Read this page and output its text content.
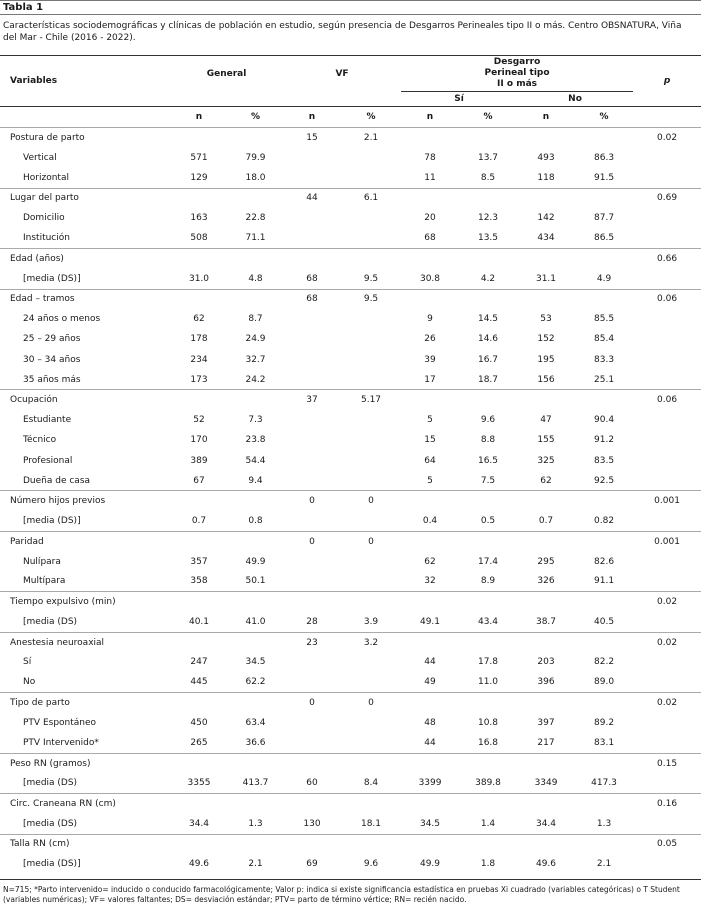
Tabla 1
Características sociodemográficas y clínicas de población en estudio, según presencia de Desgarros Perineales tipo II o más. Centro OBSNATURA, Viña del Mar - Chile (2016 - 2022).
Variables	General		VF		Desgarro Perineal tipo II o más				p
					Sí		No		
	n	%	n	%	n	%	n	%	
Postura de parto			15	2.1					0.02
Vertical	571	79.9			78	13.7	493	86.3	
Horizontal	129	18.0			11	8.5	118	91.5	
Lugar del parto			44	6.1					0.69
Domicilio	163	22.8			20	12.3	142	87.7	
Institución	508	71.1			68	13.5	434	86.5	
Edad (años)									0.66
[media (DS)]	31.0	4.8	68	9.5	30.8	4.2	31.1	4.9	
Edad – tramos			68	9.5					0.06
24 años o menos	62	8.7			9	14.5	53	85.5	
25 – 29 años	178	24.9			26	14.6	152	85.4	
30 – 34 años	234	32.7			39	16.7	195	83.3	
35 años más	173	24.2			17	18.7	156	25.1	
Ocupación			37	5.17					0.06
Estudiante	52	7.3			5	9.6	47	90.4	
Técnico	170	23.8			15	8.8	155	91.2	
Profesional	389	54.4			64	16.5	325	83.5	
Dueña de casa	67	9.4			5	7.5	62	92.5	
Número hijos previos			0	0					0.001
[media (DS)]	0.7	0.8			0.4	0.5	0.7	0.82	
Paridad			0	0					0.001
Nulípara	357	49.9			62	17.4	295	82.6	
Multípara	358	50.1			32	8.9	326	91.1	
Tiempo expulsivo (min)									0.02
[media (DS)	40.1	41.0	28	3.9	49.1	43.4	38.7	40.5	
Anestesia neuroaxial			23	3.2					0.02
Sí	247	34.5			44	17.8	203	82.2	
No	445	62.2			49	11.0	396	89.0	
Tipo de parto			0	0					0.02
PTV Espontáneo	450	63.4			48	10.8	397	89.2	
PTV Intervenido*	265	36.6			44	16.8	217	83.1	
Peso RN (gramos)									0.15
[media (DS)	3355	413.7	60	8.4	3399	389.8	3349	417.3	
Circ. Craneana RN (cm)									0.16
[media (DS)	34.4	1.3	130	18.1	34.5	1.4	34.4	1.3	
Talla RN (cm)									0.05
[media (DS)]	49.6	2.1	69	9.6	49.9	1.8	49.6	2.1	
N=715; *Parto intervenido= inducido o conducido farmacológicamente; Valor p: indica si existe significancia estadística en pruebas Xi cuadrado (variables categóricas) o T Student (variables numéricas); VF= valores faltantes; DS= desviación estándar; PTV= parto de término vértice; RN= recién nacido.
